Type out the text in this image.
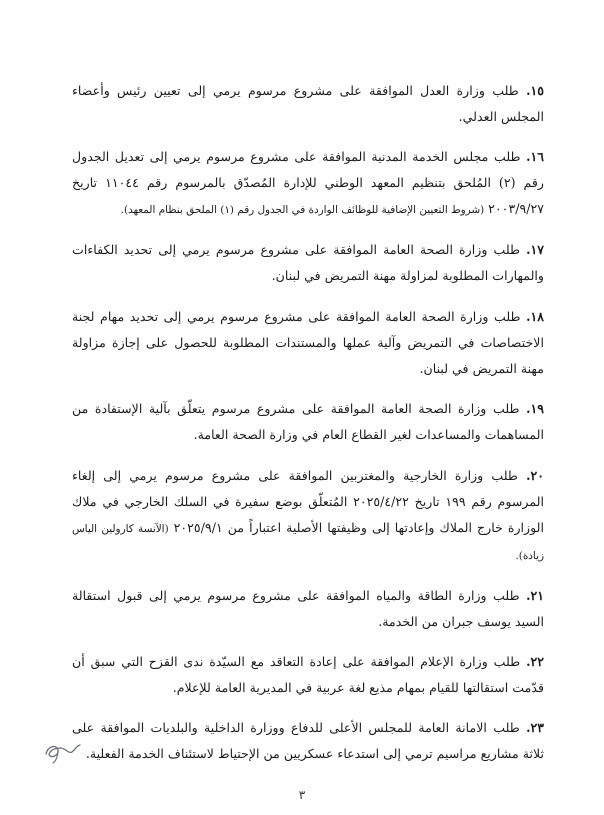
١٥. طلب وزارة العدل الموافقة على مشروع مرسوم يرمي إلى تعيين رئيس وأعضاء المجلس العدلي.

١٦. طلب مجلس الخدمة المدنية الموافقة على مشروع مرسوم يرمي إلى تعديل الجدول رقم (٢) المُلحق بتنظيم المعهد الوطني للإدارة المُصدّق بالمرسوم رقم ١١٠٤٤ تاريخ ٢٠٠٣/٩/٢٧ (شروط التعيين الإضافية للوظائف الواردة في الجدول رقم (١) الملحق بنظام المعهد).

١٧. طلب وزارة الصحة العامة الموافقة على مشروع مرسوم يرمي إلى تحديد الكفاءات والمهارات المطلوبة لمزاولة مهنة التمريض في لبنان.

١٨. طلب وزارة الصحة العامة الموافقة على مشروع مرسوم يرمي إلى تحديد مهام لجنة الاختصاصات في التمريض وآلية عملها والمستندات المطلوبة للحصول على إجازة مزاولة مهنة التمريض في لبنان.

١٩. طلب وزارة الصحة العامة الموافقة على مشروع مرسوم يتعلّق بآلية الإستفادة من المساهمات والمساعدات لغير القطاع العام في وزارة الصحة العامة.

٢٠. طلب وزارة الخارجية والمغتربين الموافقة على مشروع مرسوم يرمي إلى إلغاء المرسوم رقم ١٩٩ تاريخ ٢٠٢٥/٤/٢٢ المُتعلّق بوضع سفيرة في السلك الخارجي في ملاك الوزارة خارج الملاك وإعادتها إلى وظيفتها الأصلية اعتباراً من ٢٠٢٥/٩/١ (الآنسة كارولين الياس زيادة).

٢١. طلب وزارة الطاقة والمياه الموافقة على مشروع مرسوم يرمي إلى قبول استقالة السيد يوسف جبران من الخدمة.

٢٢. طلب وزارة الإعلام الموافقة على إعادة التعاقد مع السيّدة ندى القزح التي سبق أن قدّمت استقالتها للقيام بمهام مذيع لغة عربية في المديرية العامة للإعلام.

٢٣. طلب الامانة العامة للمجلس الأعلى للدفاع ووزارة الداخلية والبلديات الموافقة على ثلاثة مشاريع مراسيم ترمي إلى استدعاء عسكريين من الإحتياط لاستئناف الخدمة الفعلية.

٣
